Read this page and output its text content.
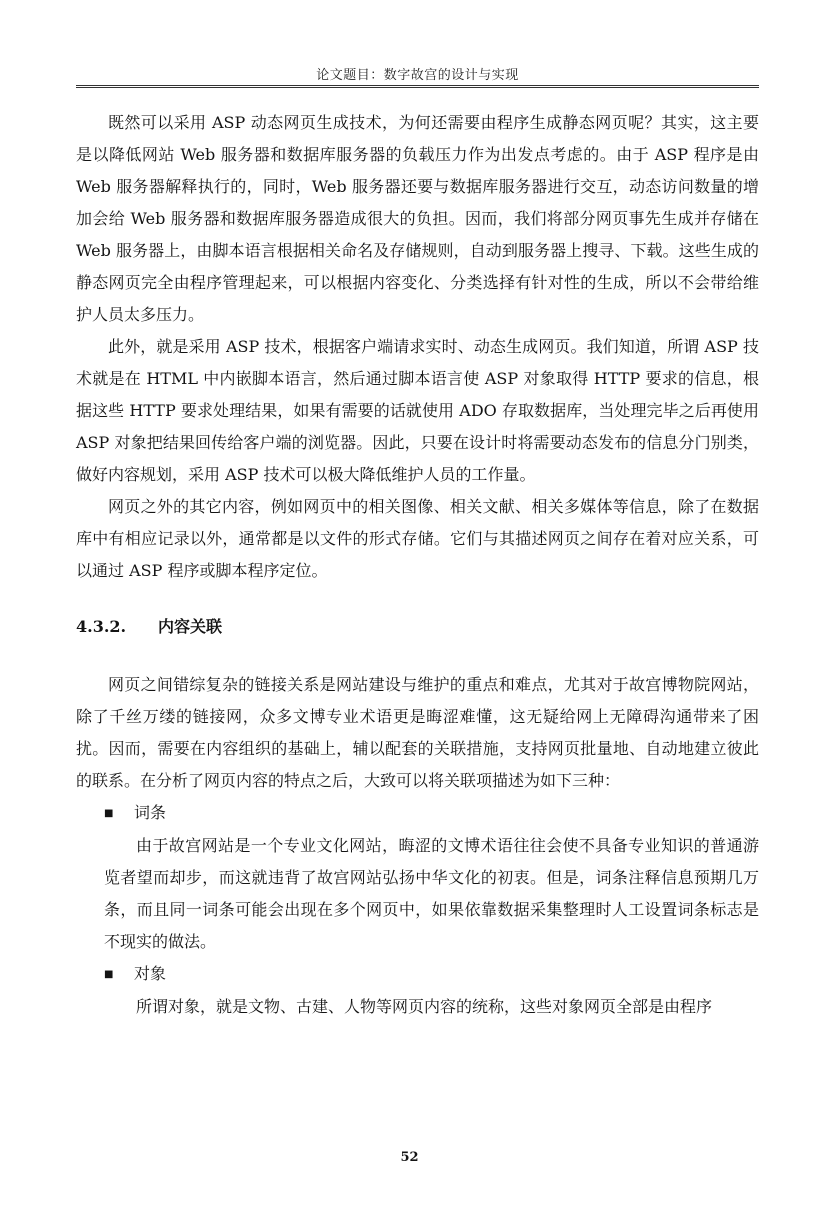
论文题目：数字故宫的设计与实现

既然可以采用 ASP 动态网页生成技术，为何还需要由程序生成静态网页呢？其实，这主要是以降低网站 Web 服务器和数据库服务器的负载压力作为出发点考虑的。由于 ASP 程序是由 Web 服务器解释执行的，同时，Web 服务器还要与数据库服务器进行交互，动态访问数量的增加会给 Web 服务器和数据库服务器造成很大的负担。因而，我们将部分网页事先生成并存储在 Web 服务器上，由脚本语言根据相关命名及存储规则，自动到服务器上搜寻、下载。这些生成的静态网页完全由程序管理起来，可以根据内容变化、分类选择有针对性的生成，所以不会带给维护人员太多压力。

此外，就是采用 ASP 技术，根据客户端请求实时、动态生成网页。我们知道，所谓 ASP 技术就是在 HTML 中内嵌脚本语言，然后通过脚本语言使 ASP 对象取得 HTTP 要求的信息，根据这些 HTTP 要求处理结果，如果有需要的话就使用 ADO 存取数据库，当处理完毕之后再使用 ASP 对象把结果回传给客户端的浏览器。因此，只要在设计时将需要动态发布的信息分门别类，做好内容规划，采用 ASP 技术可以极大降低维护人员的工作量。

网页之外的其它内容，例如网页中的相关图像、相关文献、相关多媒体等信息，除了在数据库中有相应记录以外，通常都是以文件的形式存储。它们与其描述网页之间存在着对应关系，可以通过 ASP 程序或脚本程序定位。

4.3.2. 内容关联

网页之间错综复杂的链接关系是网站建设与维护的重点和难点，尤其对于故宫博物院网站，除了千丝万缕的链接网，众多文博专业术语更是晦涩难懂，这无疑给网上无障碍沟通带来了困扰。因而，需要在内容组织的基础上，辅以配套的关联措施，支持网页批量地、自动地建立彼此的联系。在分析了网页内容的特点之后，大致可以将关联项描述为如下三种：

■ 词条

由于故宫网站是一个专业文化网站，晦涩的文博术语往往会使不具备专业知识的普通游览者望而却步，而这就违背了故宫网站弘扬中华文化的初衷。但是，词条注释信息预期几万条，而且同一词条可能会出现在多个网页中，如果依靠数据采集整理时人工设置词条标志是不现实的做法。

■ 对象

所谓对象，就是文物、古建、人物等网页内容的统称，这些对象网页全部是由程序

52
